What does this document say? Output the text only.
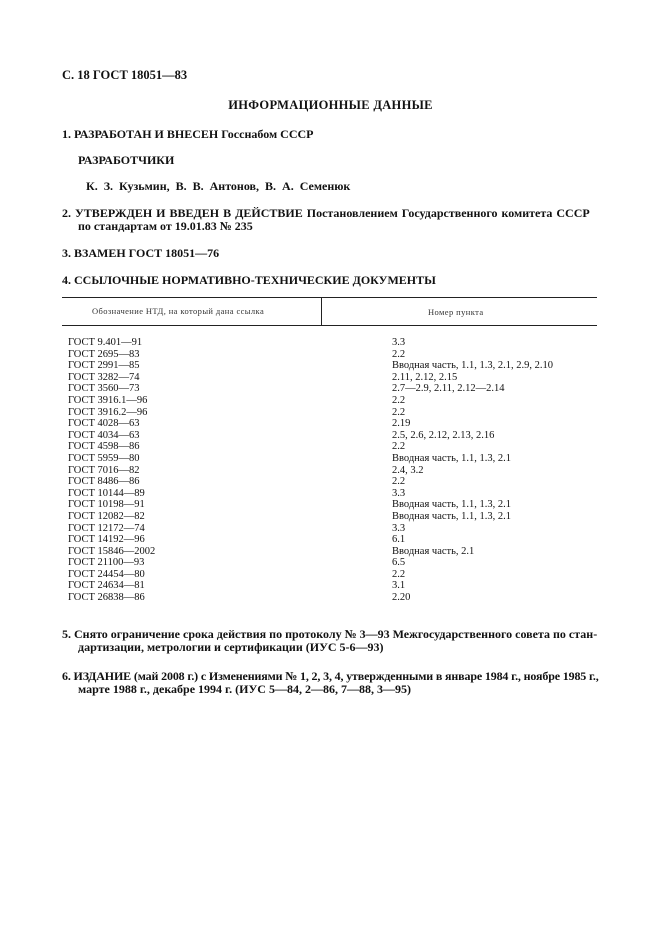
С. 18 ГОСТ 18051—83
ИНФОРМАЦИОННЫЕ ДАННЫЕ
1. РАЗРАБОТАН И ВНЕСЕН Госснабом СССР
РАЗРАБОТЧИКИ
К. З. Кузьмин, В. В. Антонов, В. А. Семенюк
2. УТВЕРЖДЕН И ВВЕДЕН В ДЕЙСТВИЕ Постановлением Государственного комитета СССР
по стандартам от 19.01.83 № 235
3. ВЗАМЕН ГОСТ 18051—76
4. ССЫЛОЧНЫЕ НОРМАТИВНО-ТЕХНИЧЕСКИЕ ДОКУМЕНТЫ
Обозначение НТД, на который дана ссылка	Номер пункта
ГОСТ 9.401—91	3.3
ГОСТ 2695—83	2.2
ГОСТ 2991—85	Вводная часть, 1.1, 1.3, 2.1, 2.9, 2.10
ГОСТ 3282—74	2.11, 2.12, 2.15
ГОСТ 3560—73	2.7—2.9, 2.11, 2.12—2.14
ГОСТ 3916.1—96	2.2
ГОСТ 3916.2—96	2.2
ГОСТ 4028—63	2.19
ГОСТ 4034—63	2.5, 2.6, 2.12, 2.13, 2.16
ГОСТ 4598—86	2.2
ГОСТ 5959—80	Вводная часть, 1.1, 1.3, 2.1
ГОСТ 7016—82	2.4, 3.2
ГОСТ 8486—86	2.2
ГОСТ 10144—89	3.3
ГОСТ 10198—91	Вводная часть, 1.1, 1.3, 2.1
ГОСТ 12082—82	Вводная часть, 1.1, 1.3, 2.1
ГОСТ 12172—74	3.3
ГОСТ 14192—96	6.1
ГОСТ 15846—2002	Вводная часть, 2.1
ГОСТ 21100—93	6.5
ГОСТ 24454—80	2.2
ГОСТ 24634—81	3.1
ГОСТ 26838—86	2.20
5. Снято ограничение срока действия по протоколу № 3—93 Межгосударственного совета по стан-
дартизации, метрологии и сертификации (ИУС 5-6—93)
6. ИЗДАНИЕ (май 2008 г.) с Изменениями № 1, 2, 3, 4, утвержденными в январе 1984 г., ноябре 1985 г.,
марте 1988 г., декабре 1994 г. (ИУС 5—84, 2—86, 7—88, 3—95)
